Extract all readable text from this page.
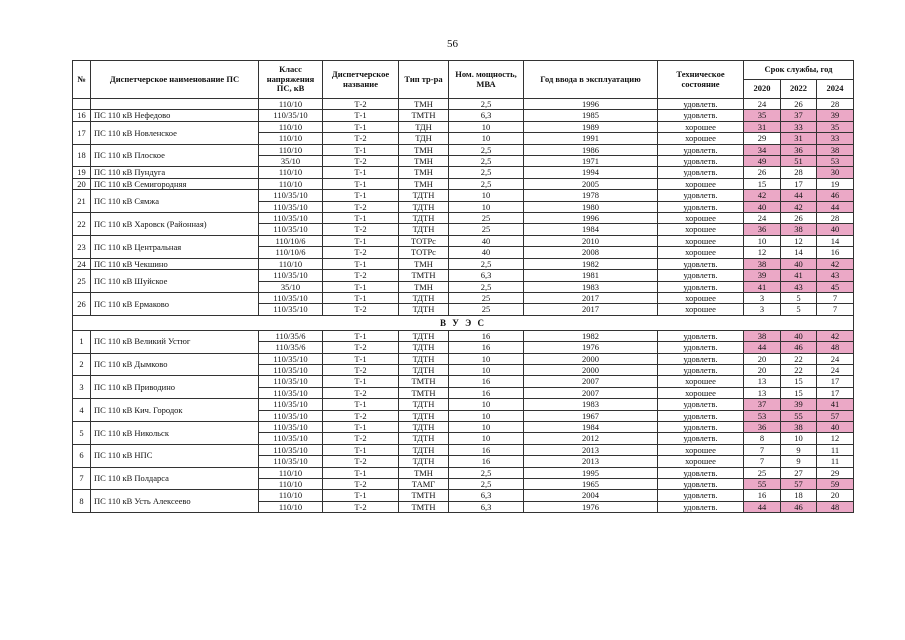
56
№	Диспетчерское наименование ПС	Класс напряжения ПС, кВ	Диспетчерское название	Тип тр-ра	Ном. мощность, МВА	Год ввода в эксплуатацию	Техническое состояние	Срок службы, год		
								2020	2022	2024
		110/10	Т-2	ТМН	2,5	1996	удовлетв.	24	26	28
16	ПС 110 кВ Нефедово	110/35/10	Т-1	ТМТН	6,3	1985	удовлетв.	35	37	39
17	ПС 110 кВ Новленское	110/10	Т-1	ТДН	10	1989	хорошее	31	33	35
		110/10	Т-2	ТДН	10	1991	хорошее	29	31	33
18	ПС 110 кВ Плоское	110/10	Т-1	ТМН	2,5	1986	удовлетв.	34	36	38
		35/10	Т-2	ТМН	2,5	1971	удовлетв.	49	51	53
19	ПС 110 кВ Пундуга	110/10	Т-1	ТМН	2,5	1994	удовлетв.	26	28	30
20	ПС 110 кВ Семигородняя	110/10	Т-1	ТМН	2,5	2005	хорошее	15	17	19
21	ПС 110 кВ Сямжа	110/35/10	Т-1	ТДТН	10	1978	удовлетв.	42	44	46
		110/35/10	Т-2	ТДТН	10	1980	удовлетв.	40	42	44
22	ПС 110 кВ Харовск (Районная)	110/35/10	Т-1	ТДТН	25	1996	хорошее	24	26	28
		110/35/10	Т-2	ТДТН	25	1984	хорошее	36	38	40
23	ПС 110 кВ Центральная	110/10/6	Т-1	ТОТРс	40	2010	хорошее	10	12	14
		110/10/6	Т-2	ТОТРс	40	2008	хорошее	12	14	16
24	ПС 110 кВ Чекшино	110/10	Т-1	ТМН	2,5	1982	удовлетв.	38	40	42
25	ПС 110 кВ Шуйское	110/35/10	Т-2	ТМТН	6,3	1981	удовлетв.	39	41	43
		35/10	Т-1	ТМН	2,5	1983	удовлетв.	41	43	45
26	ПС 110 кВ Ермаково	110/35/10	Т-1	ТДТН	25	2017	хорошее	3	5	7
		110/35/10	Т-2	ТДТН	25	2017	хорошее	3	5	7
В У Э С										
1	ПС 110 кВ Великий Устюг	110/35/6	Т-1	ТДТН	16	1982	удовлетв.	38	40	42
		110/35/6	Т-2	ТДТН	16	1976	удовлетв.	44	46	48
2	ПС 110 кВ Дымково	110/35/10	Т-1	ТДТН	10	2000	удовлетв.	20	22	24
		110/35/10	Т-2	ТДТН	10	2000	удовлетв.	20	22	24
3	ПС 110 кВ Приводино	110/35/10	Т-1	ТМТН	16	2007	хорошее	13	15	17
		110/35/10	Т-2	ТМТН	16	2007	хорошее	13	15	17
4	ПС 110 кВ Кич. Городок	110/35/10	Т-1	ТДТН	10	1983	удовлетв.	37	39	41
		110/35/10	Т-2	ТДТН	10	1967	удовлетв.	53	55	57
5	ПС 110 кВ Никольск	110/35/10	Т-1	ТДТН	10	1984	удовлетв.	36	38	40
		110/35/10	Т-2	ТДТН	10	2012	удовлетв.	8	10	12
6	ПС 110 кВ НПС	110/35/10	Т-1	ТДТН	16	2013	хорошее	7	9	11
		110/35/10	Т-2	ТДТН	16	2013	хорошее	7	9	11
7	ПС 110 кВ Полдарса	110/10	Т-1	ТМН	2,5	1995	удовлетв.	25	27	29
		110/10	Т-2	ТАМГ	2,5	1965	удовлетв.	55	57	59
8	ПС 110 кВ Усть Алексеево	110/10	Т-1	ТМТН	6,3	2004	удовлетв.	16	18	20
		110/10	Т-2	ТМТН	6,3	1976	удовлетв.	44	46	48
